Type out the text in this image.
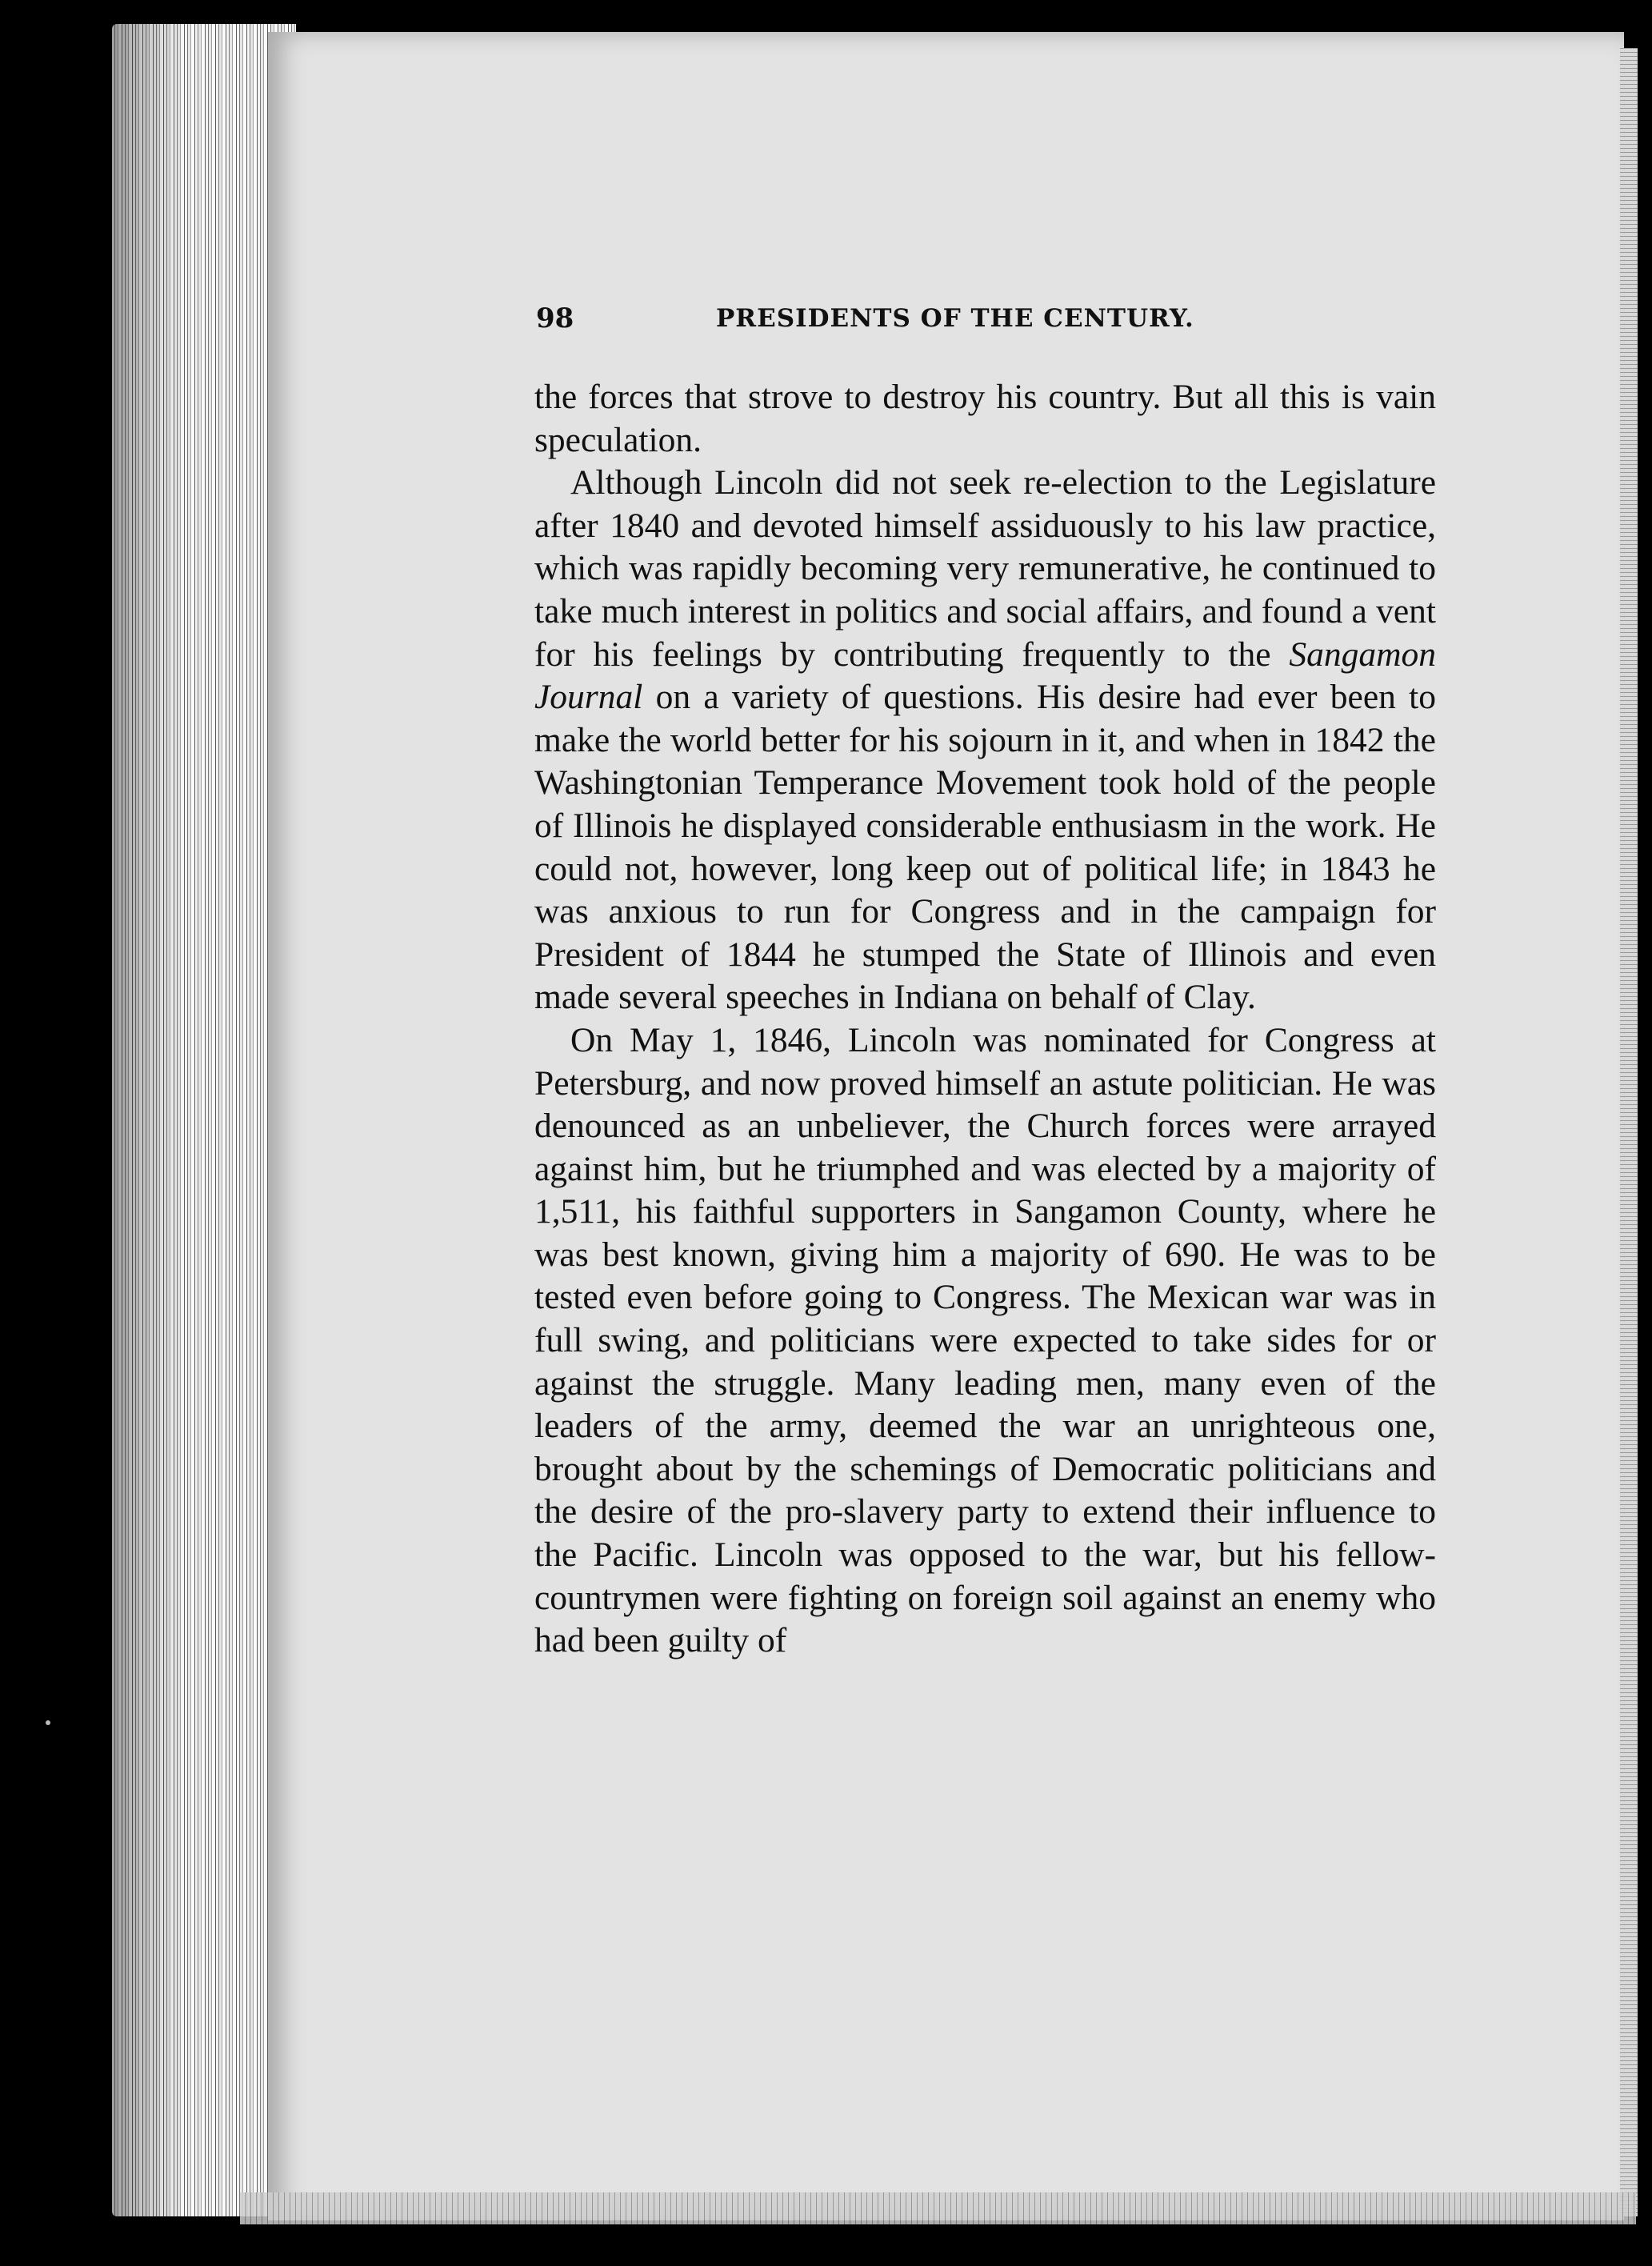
98	PRESIDENTS OF THE CENTURY.

the forces that strove to destroy his country. But all this is vain speculation.

Although Lincoln did not seek re-election to the Legislature after 1840 and devoted himself assiduously to his law practice, which was rapidly becoming very remunerative, he continued to take much interest in politics and social affairs, and found a vent for his feelings by contributing frequently to the Sangamon Journal on a variety of questions. His desire had ever been to make the world better for his sojourn in it, and when in 1842 the Washingtonian Temperance Movement took hold of the people of Illinois he displayed considerable enthusiasm in the work. He could not, however, long keep out of political life; in 1843 he was anxious to run for Congress and in the campaign for President of 1844 he stumped the State of Illinois and even made several speeches in Indiana on behalf of Clay.

On May 1, 1846, Lincoln was nominated for Congress at Petersburg, and now proved himself an astute politician. He was denounced as an unbeliever, the Church forces were arrayed against him, but he triumphed and was elected by a majority of 1,511, his faithful supporters in Sangamon County, where he was best known, giving him a majority of 690. He was to be tested even before going to Congress. The Mexican war was in full swing, and politicians were expected to take sides for or against the struggle. Many leading men, many even of the leaders of the army, deemed the war an unrighteous one, brought about by the schemings of Democratic politicians and the desire of the pro-slavery party to extend their influence to the Pacific. Lincoln was opposed to the war, but his fellow-countrymen were fighting on foreign soil against an enemy who had been guilty of
